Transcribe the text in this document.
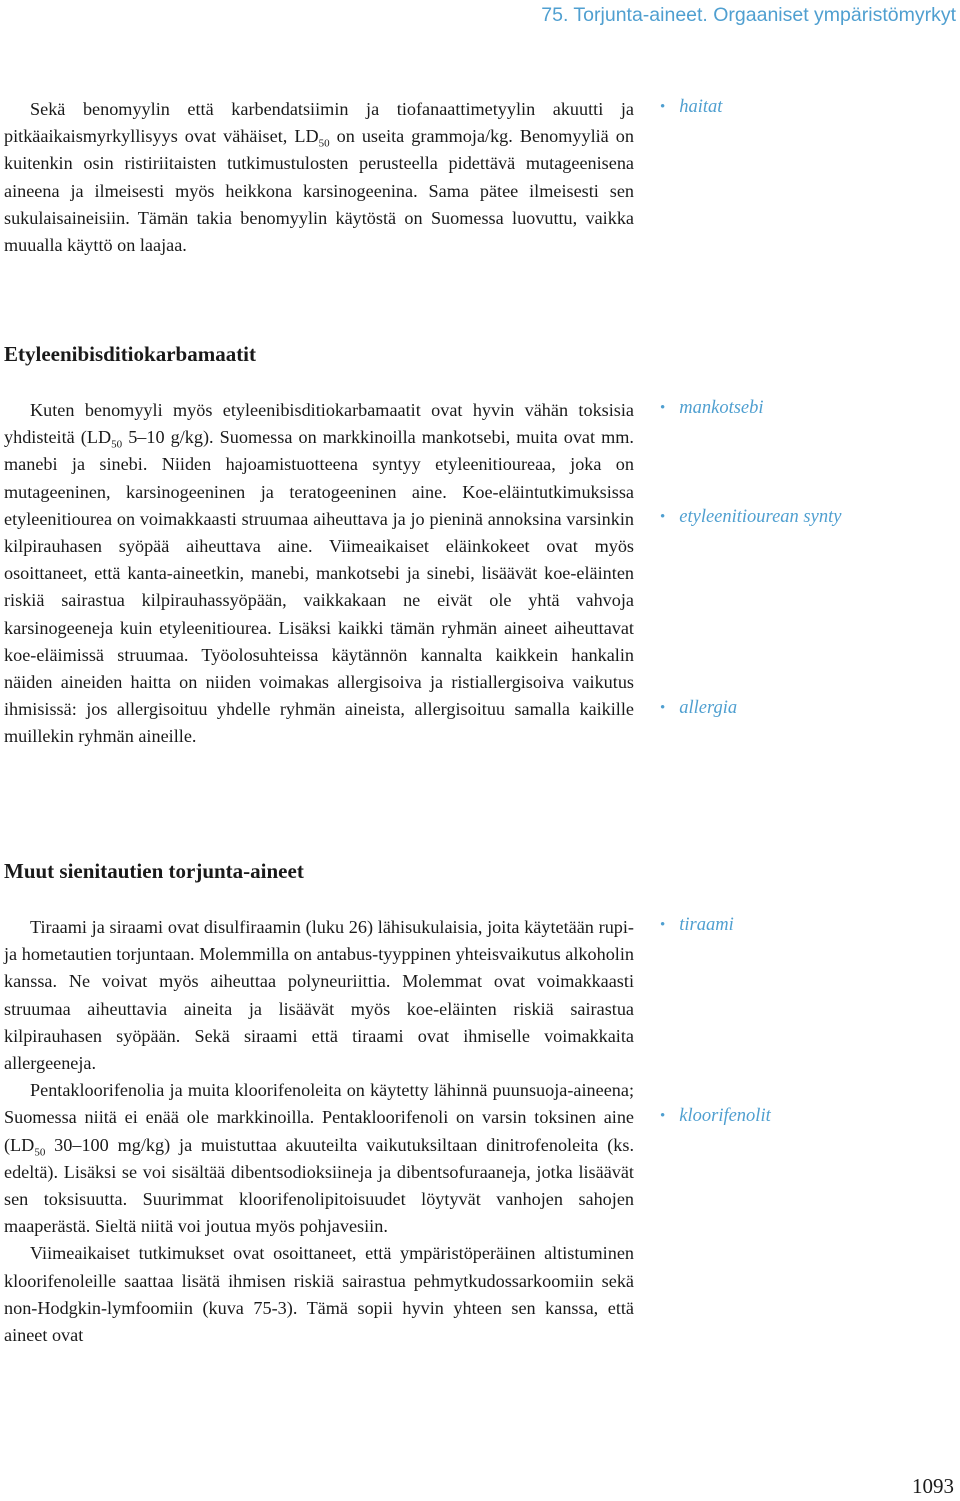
75. Torjunta-aineet. Orgaaniset ympäristömyrkyt

Sekä benomyylin että karbendatsiimin ja tiofanaattimetyylin akuutti ja pitkäaikaismyrkyllisyys ovat vähäiset, $LD_{50}$ on useita grammoja/kg. Benomyyliä on kuitenkin osin ristiriitaisten tutkimustulosten perusteella pidettävä mutageenisena aineena ja ilmeisesti myös heikkona karsinogeenina. Sama pätee ilmeisesti sen sukulaisaineisiin. Tämän takia benomyylin käytöstä on Suomessa luovuttu, vaikka muualla käyttö on laajaa.

Etyleenibisditiokarbamaatit

Kuten benomyyli myös etyleenibisditiokarbamaatit ovat hyvin vähän toksisia yhdisteitä ($LD_{50}$ 5–10 g/kg). Suomessa on markkinoilla mankotsebi, muita ovat mm. manebi ja sinebi. Niiden hajoamistuotteena syntyy etyleenitioureaa, joka on mutageeninen, karsinogeeninen ja teratogeeninen aine. Koe-eläintutkimuksissa etyleenitiourea on voimakkaasti struumaa aiheuttava ja jo pieninä annoksina varsinkin kilpirauhasen syöpää aiheuttava aine. Viimeaikaiset eläinkokeet ovat myös osoittaneet, että kanta-aineetkin, manebi, mankotsebi ja sinebi, lisäävät koe-eläinten riskiä sairastua kilpirauhassyöpään, vaikkakaan ne eivät ole yhtä vahvoja karsinogeeneja kuin etyleenitiourea. Lisäksi kaikki tämän ryhmän aineet aiheuttavat koe-eläimissä struumaa. Työolosuhteissa käytännön kannalta kaikkein hankalin näiden aineiden haitta on niiden voimakas allergisoiva ja ristiallergisoiva vaikutus ihmisissä: jos allergisoituu yhdelle ryhmän aineista, allergisoituu samalla kaikille muillekin ryhmän aineille.

Muut sienitautien torjunta-aineet

Tiraami ja siraami ovat disulfiraamin (luku 26) lähisukulaisia, joita käytetään rupi- ja hometautien torjuntaan. Molemmilla on antabus-tyyppinen yhteisvaikutus alkoholin kanssa. Ne voivat myös aiheuttaa polyneuriittia. Molemmat ovat voimakkaasti struumaa aiheuttavia aineita ja lisäävät myös koe-eläinten riskiä sairastua kilpirauhasen syöpään. Sekä siraami että tiraami ovat ihmiselle voimakkaita allergeeneja.

Pentakloorifenolia ja muita kloorifenoleita on käytetty lähinnä puunsuoja-aineena; Suomessa niitä ei enää ole markkinoilla. Pentakloorifenoli on varsin toksinen aine ($LD_{50}$ 30–100 mg/kg) ja muistuttaa akuuteilta vaikutuksiltaan dinitrofenoleita (ks. edeltä). Lisäksi se voi sisältää dibentsodioksiineja ja dibentsofuraaneja, jotka lisäävät sen toksisuutta. Suurimmat kloorifenolipitoisuudet löytyvät vanhojen sahojen maaperästä. Sieltä niitä voi joutua myös pohjavesiin.

Viimeaikaiset tutkimukset ovat osoittaneet, että ympäristöperäinen altistuminen kloorifenoleille saattaa lisätä ihmisen riskiä sairastua pehmytkudossarkoomiin sekä non-Hodgkin-lymfoomiin (kuva 75-3). Tämä sopii hyvin yhteen sen kanssa, että aineet ovat

• haitat
• mankotsebi
• etyleenitiourean synty
• allergia
• tiraami
• kloorifenolit
1093
